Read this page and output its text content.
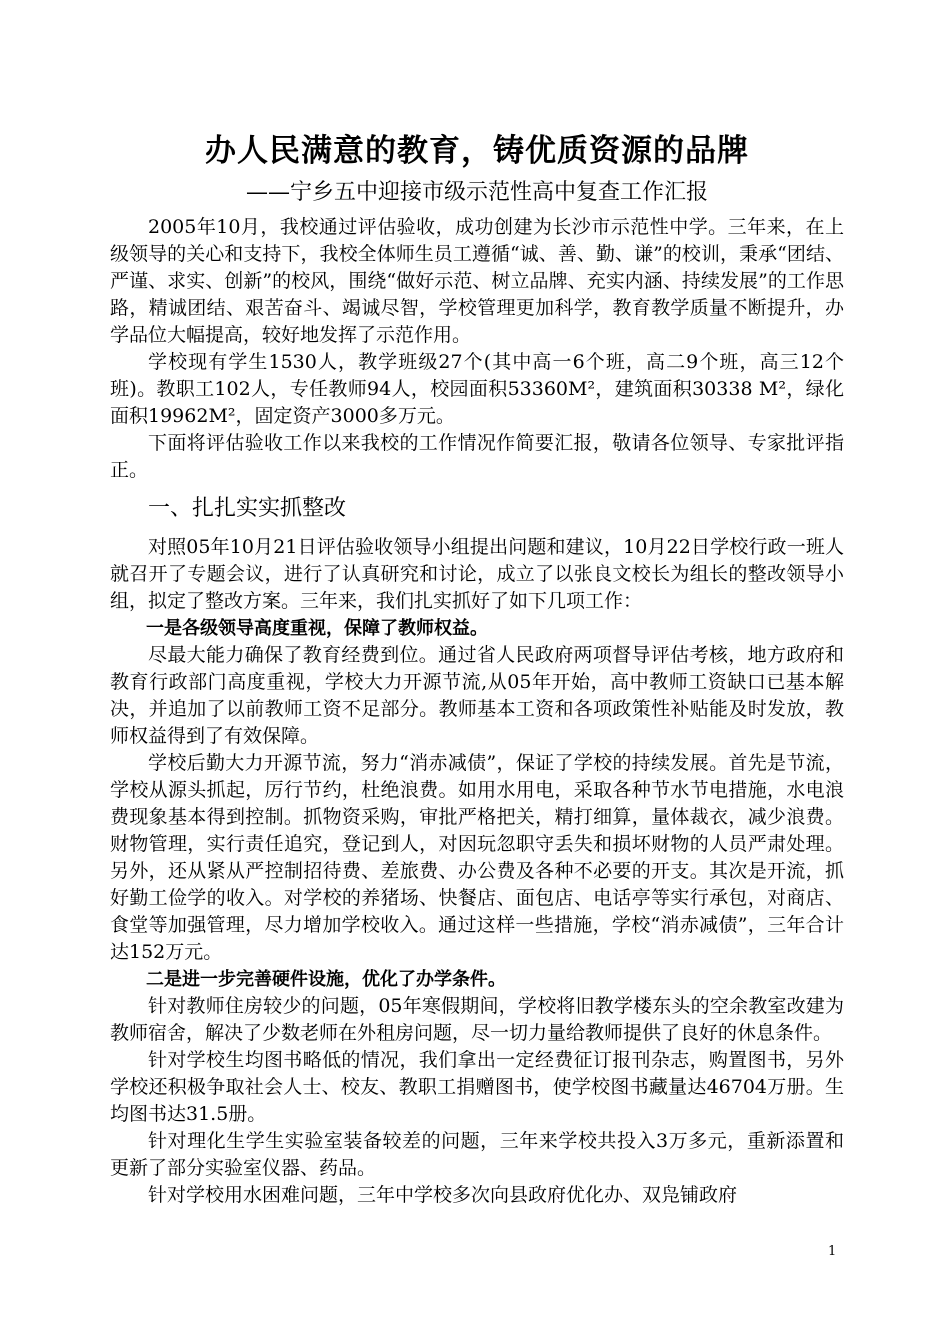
办人民满意的教育，铸优质资源的品牌
——宁乡五中迎接市级示范性高中复查工作汇报

2005年10月，我校通过评估验收，成功创建为长沙市示范性中学。三年来，在上级领导的关心和支持下，我校全体师生员工遵循“诚、善、勤、谦”的校训，秉承“团结、严谨、求实、创新”的校风，围绕“做好示范、树立品牌、充实内涵、持续发展”的工作思路，精诚团结、艰苦奋斗、竭诚尽智，学校管理更加科学，教育教学质量不断提升，办学品位大幅提高，较好地发挥了示范作用。

学校现有学生1530人，教学班级27个(其中高一6个班，高二9个班，高三12个班)。教职工102人，专任教师94人，校园面积53360M²，建筑面积30338 M²，绿化面积19962M²，固定资产3000多万元。

下面将评估验收工作以来我校的工作情况作简要汇报，敬请各位领导、专家批评指正。

一、扎扎实实抓整改

对照05年10月21日评估验收领导小组提出问题和建议，10月22日学校行政一班人就召开了专题会议，进行了认真研究和讨论，成立了以张良文校长为组长的整改领导小组，拟定了整改方案。三年来，我们扎实抓好了如下几项工作：

一是各级领导高度重视，保障了教师权益。

尽最大能力确保了教育经费到位。通过省人民政府两项督导评估考核，地方政府和教育行政部门高度重视，学校大力开源节流,从05年开始，高中教师工资缺口已基本解决，并追加了以前教师工资不足部分。教师基本工资和各项政策性补贴能及时发放，教师权益得到了有效保障。

学校后勤大力开源节流，努力“消赤减债”，保证了学校的持续发展。首先是节流，学校从源头抓起，厉行节约，杜绝浪费。如用水用电，采取各种节水节电措施，水电浪费现象基本得到控制。抓物资采购，审批严格把关，精打细算，量体裁衣，减少浪费。财物管理，实行责任追究，登记到人，对因玩忽职守丢失和损坏财物的人员严肃处理。另外，还从紧从严控制招待费、差旅费、办公费及各种不必要的开支。其次是开流，抓好勤工俭学的收入。对学校的养猪场、快餐店、面包店、电话亭等实行承包，对商店、食堂等加强管理，尽力增加学校收入。通过这样一些措施，学校“消赤减债”，三年合计达152万元。

二是进一步完善硬件设施，优化了办学条件。

针对教师住房较少的问题，05年寒假期间，学校将旧教学楼东头的空余教室改建为教师宿舍，解决了少数老师在外租房问题，尽一切力量给教师提供了良好的休息条件。

针对学校生均图书略低的情况，我们拿出一定经费征订报刊杂志，购置图书，另外学校还积极争取社会人士、校友、教职工捐赠图书，使学校图书藏量达46704万册。生均图书达31.5册。

针对理化生学生实验室装备较差的问题，三年来学校共投入3万多元，重新添置和更新了部分实验室仪器、药品。

针对学校用水困难问题，三年中学校多次向县政府优化办、双凫铺政府

1
